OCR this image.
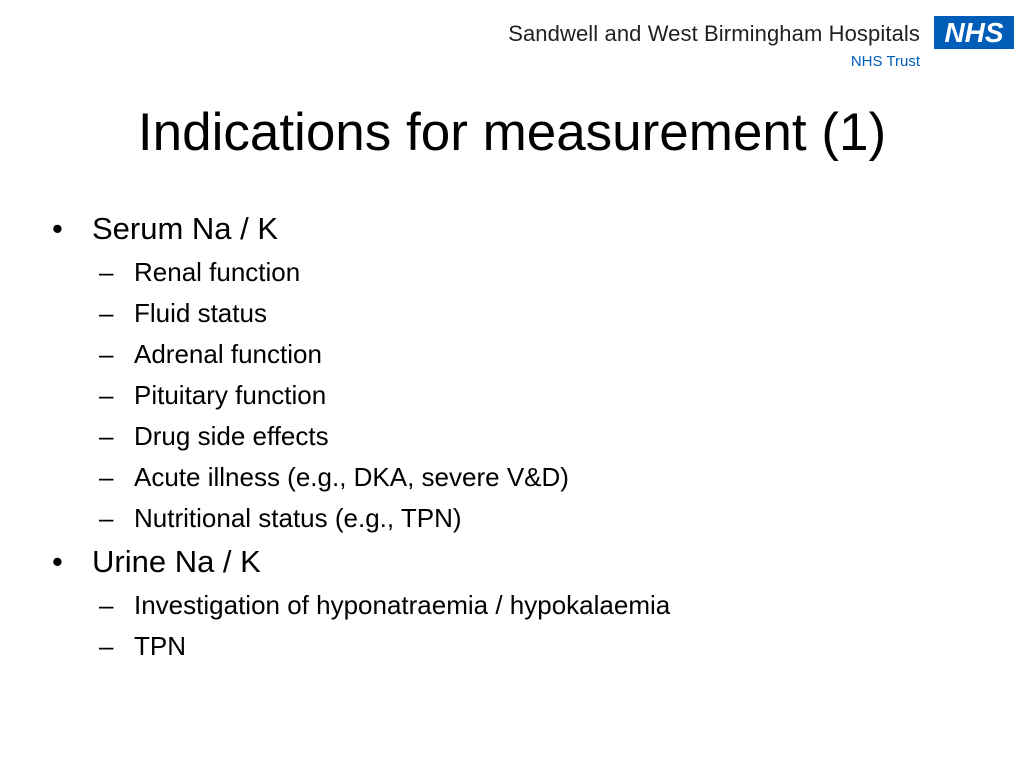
Sandwell and West Birmingham Hospitals
NHS Trust
NHS
Indications for measurement (1)
• Serum Na / K
– Renal function
– Fluid status
– Adrenal function
– Pituitary function
– Drug side effects
– Acute illness (e.g., DKA, severe V&D)
– Nutritional status (e.g., TPN)
• Urine Na / K
– Investigation of hyponatraemia / hypokalaemia
– TPN
